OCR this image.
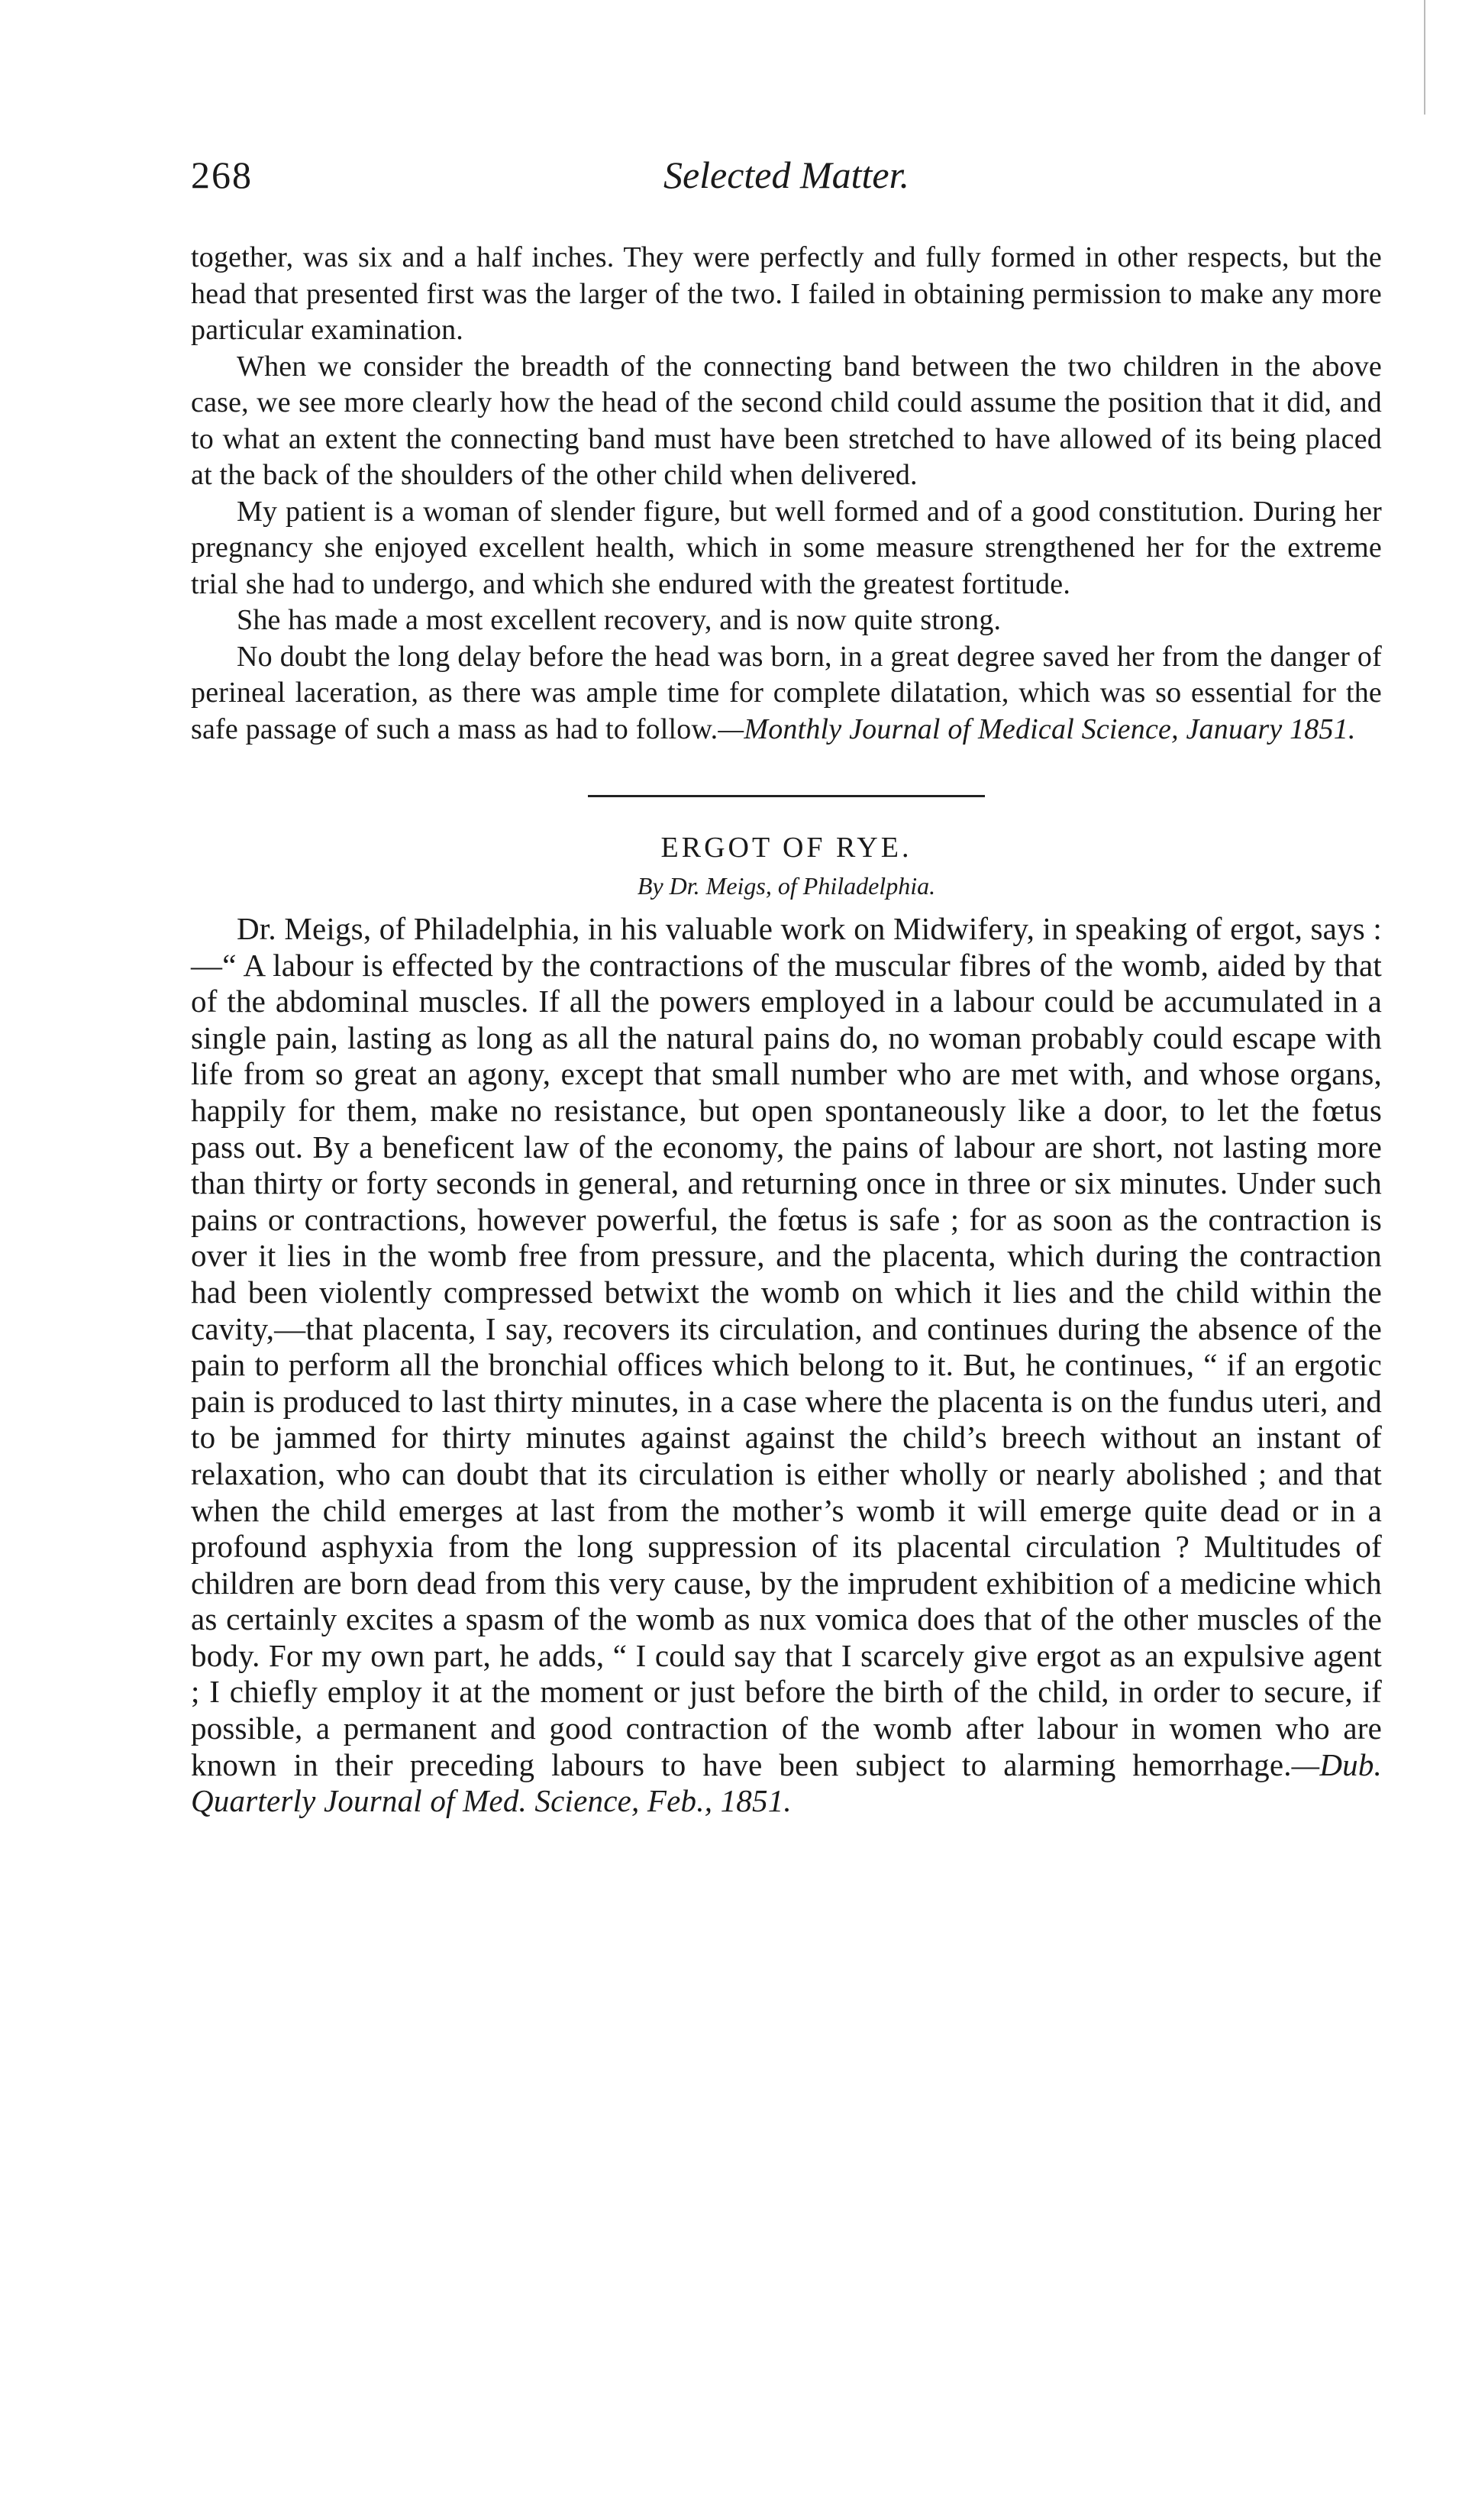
268	Selected Matter.

together, was six and a half inches. They were perfectly and fully formed in other respects, but the head that presented first was the larger of the two. I failed in obtaining permission to make any more particular examination.

When we consider the breadth of the connecting band between the two children in the above case, we see more clearly how the head of the second child could assume the position that it did, and to what an extent the connecting band must have been stretched to have allowed of its being placed at the back of the shoulders of the other child when delivered.

My patient is a woman of slender figure, but well formed and of a good constitution. During her pregnancy she enjoyed excellent health, which in some measure strengthened her for the extreme trial she had to undergo, and which she endured with the greatest fortitude.

She has made a most excellent recovery, and is now quite strong.

No doubt the long delay before the head was born, in a great degree saved her from the danger of perineal laceration, as there was ample time for complete dilatation, which was so essential for the safe passage of such a mass as had to follow.—Monthly Journal of Medical Science, January 1851.

ERGOT OF RYE.
By Dr. Meigs, of Philadelphia.

Dr. Meigs, of Philadelphia, in his valuable work on Midwifery, in speaking of ergot, says :—“ A labour is effected by the contractions of the muscular fibres of the womb, aided by that of the abdominal muscles. If all the powers employed in a labour could be accumulated in a single pain, lasting as long as all the natural pains do, no woman probably could escape with life from so great an agony, except that small number who are met with, and whose organs, happily for them, make no resistance, but open spontaneously like a door, to let the fœtus pass out. By a beneficent law of the economy, the pains of labour are short, not lasting more than thirty or forty seconds in general, and returning once in three or six minutes. Under such pains or contractions, however powerful, the fœtus is safe ; for as soon as the contraction is over it lies in the womb free from pressure, and the placenta, which during the contraction had been violently compressed betwixt the womb on which it lies and the child within the cavity,—that placenta, I say, recovers its circulation, and continues during the absence of the pain to perform all the bronchial offices which belong to it. But, he continues, “ if an ergotic pain is produced to last thirty minutes, in a case where the placenta is on the fundus uteri, and to be jammed for thirty minutes against against the child’s breech without an instant of relaxation, who can doubt that its circulation is either wholly or nearly abolished ; and that when the child emerges at last from the mother’s womb it will emerge quite dead or in a profound asphyxia from the long suppression of its placental circulation ? Multitudes of children are born dead from this very cause, by the imprudent exhibition of a medicine which as certainly excites a spasm of the womb as nux vomica does that of the other muscles of the body. For my own part, he adds, “ I could say that I scarcely give ergot as an expulsive agent ; I chiefly employ it at the moment or just before the birth of the child, in order to secure, if possible, a permanent and good contraction of the womb after labour in women who are known in their preceding labours to have been subject to alarming hemorrhage.—Dub. Quarterly Journal of Med. Science, Feb., 1851.
